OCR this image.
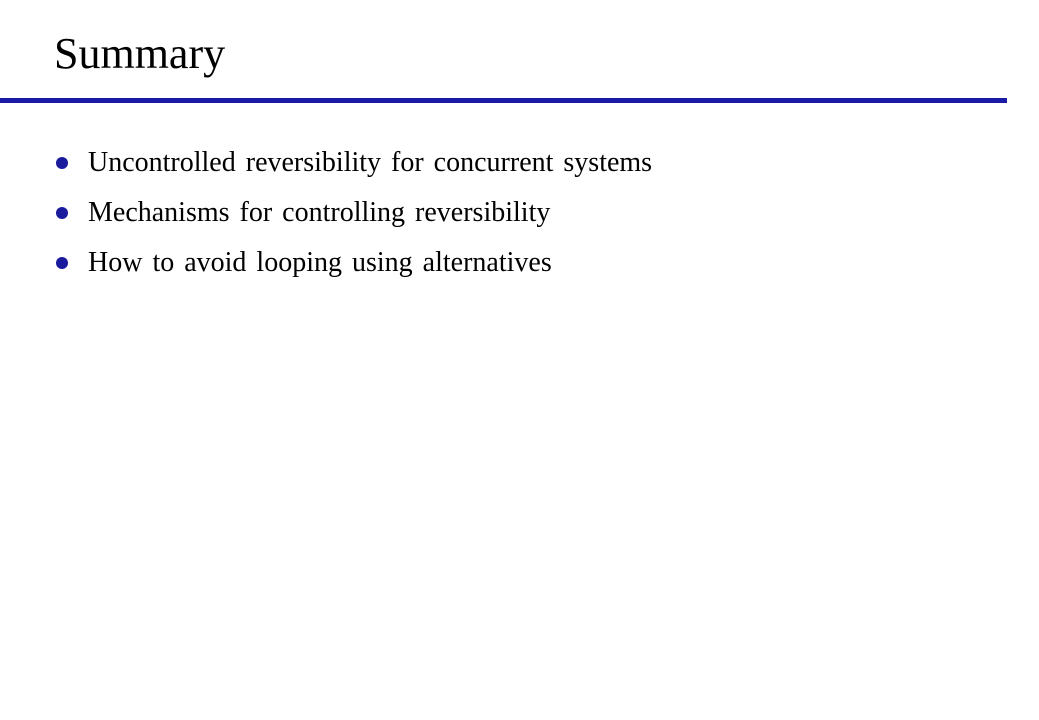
Summary
Uncontrolled reversibility for concurrent systems
Mechanisms for controlling reversibility
How to avoid looping using alternatives
